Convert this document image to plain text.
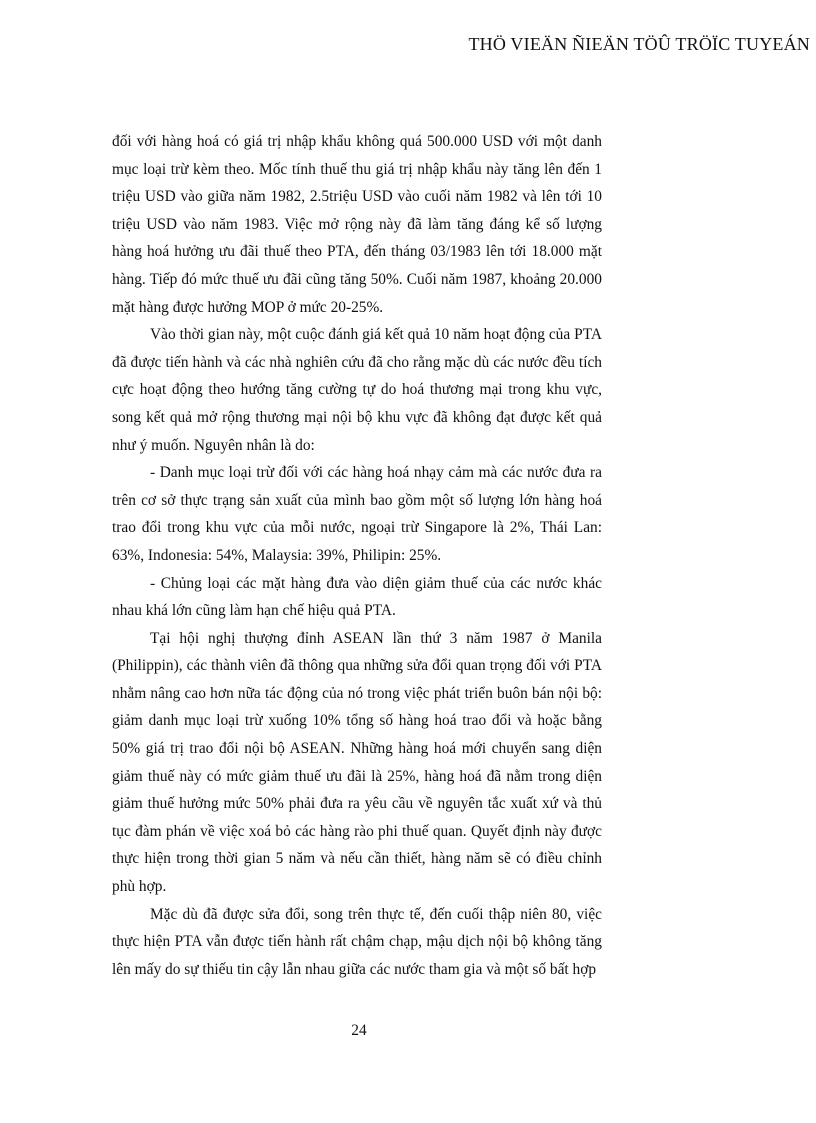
THÖ VIEÄN ÑIEÄN TÖÛ TRÖÏC TUYEÁN

đối với hàng hoá có giá trị nhập khẩu không quá 500.000 USD với một danh mục loại trừ kèm theo. Mốc tính thuế thu giá trị nhập khẩu này tăng lên đến 1 triệu USD vào giữa năm 1982, 2.5triệu USD vào cuối năm 1982 và lên tới 10 triệu USD vào năm 1983. Việc mở rộng này đã làm tăng đáng kể số lượng hàng hoá hưởng ưu đãi thuế theo PTA, đến tháng 03/1983 lên tới 18.000 mặt hàng. Tiếp đó mức thuế ưu đãi cũng tăng 50%. Cuối năm 1987, khoảng 20.000 mặt hàng được hưởng MOP ở mức 20-25%.

Vào thời gian này, một cuộc đánh giá kết quả 10 năm hoạt động của PTA đã được tiến hành và các nhà nghiên cứu đã cho rằng mặc dù các nước đều tích cực hoạt động theo hướng tăng cường tự do hoá thương mại trong khu vực, song kết quả mở rộng thương mại nội bộ khu vực đã không đạt được kết quả như ý muốn. Nguyên nhân là do:

- Danh mục loại trừ đối với các hàng hoá nhạy cảm mà các nước đưa ra trên cơ sở thực trạng sản xuất của mình bao gồm một số lượng lớn hàng hoá trao đổi trong khu vực của mỗi nước, ngoại trừ Singapore là 2%, Thái Lan: 63%, Indonesia: 54%, Malaysia: 39%, Philipin: 25%.

- Chủng loại các mặt hàng đưa vào diện giảm thuế của các nước khác nhau khá lớn cũng làm hạn chế hiệu quả PTA.

Tại hội nghị thượng đỉnh ASEAN lần thứ 3 năm 1987 ở Manila (Philippin), các thành viên đã thông qua những sửa đổi quan trọng đối với PTA nhằm nâng cao hơn nữa tác động của nó trong việc phát triển buôn bán nội bộ: giảm danh mục loại trừ xuống 10% tổng số hàng hoá trao đổi và hoặc bằng 50% giá trị trao đổi nội bộ ASEAN. Những hàng hoá mới chuyển sang diện giảm thuế này có mức giảm thuế ưu đãi là 25%, hàng hoá đã nằm trong diện giảm thuế hưởng mức 50% phải đưa ra yêu cầu về nguyên tắc xuất xứ và thủ tục đàm phán về việc xoá bỏ các hàng rào phi thuế quan. Quyết định này được thực hiện trong thời gian 5 năm và nếu cần thiết, hàng năm sẽ có điều chỉnh phù hợp.

Mặc dù đã được sửa đổi, song trên thực tế, đến cuối thập niên 80, việc thực hiện PTA vẫn được tiến hành rất chậm chạp, mậu dịch nội bộ không tăng lên mấy do sự thiếu tin cậy lẫn nhau giữa các nước tham gia và một số bất hợp

24
